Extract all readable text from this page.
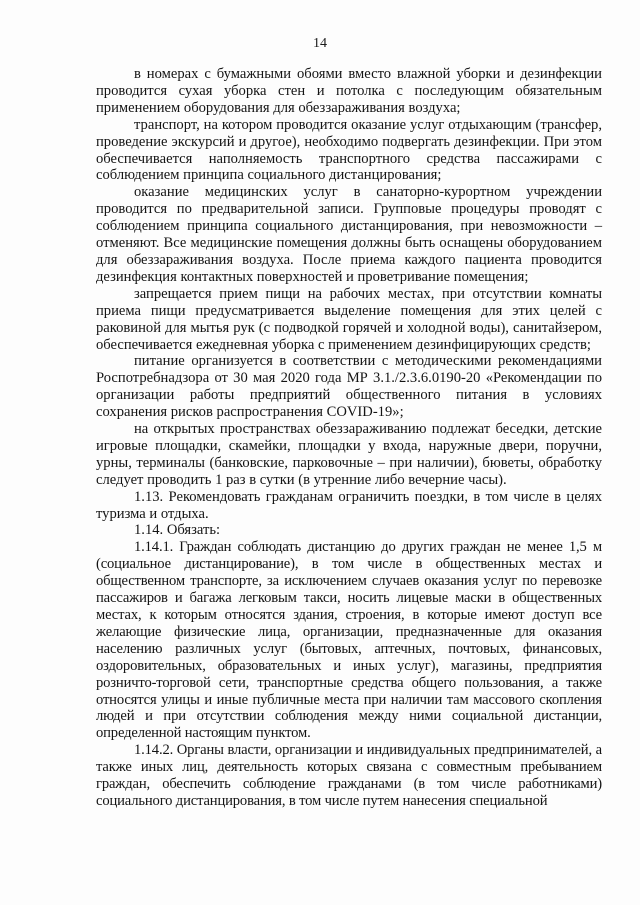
14

в номерах с бумажными обоями вместо влажной уборки и дезинфекции проводится сухая уборка стен и потолка с последующим обязательным применением оборудования для обеззараживания воздуха;

транспорт, на котором проводится оказание услуг отдыхающим (трансфер, проведение экскурсий и другое), необходимо подвергать дезинфекции. При этом обеспечивается наполняемость транспортного средства пассажирами с соблюдением принципа социального дистанцирования;

оказание медицинских услуг в санаторно-курортном учреждении проводится по предварительной записи. Групповые процедуры проводят с соблюдением принципа социального дистанцирования, при невозможности – отменяют. Все медицинские помещения должны быть оснащены оборудованием для обеззараживания воздуха. После приема каждого пациента проводится дезинфекция контактных поверхностей и проветривание помещения;

запрещается прием пищи на рабочих местах, при отсутствии комнаты приема пищи предусматривается выделение помещения для этих целей с раковиной для мытья рук (с подводкой горячей и холодной воды), санитайзером, обеспечивается ежедневная уборка с применением дезинфицирующих средств;

питание организуется в соответствии с методическими рекомендациями Роспотребнадзора от 30 мая 2020 года МР 3.1./2.3.6.0190-20 «Рекомендации по организации работы предприятий общественного питания в условиях сохранения рисков распространения COVID-19»;

на открытых пространствах обеззараживанию подлежат беседки, детские игровые площадки, скамейки, площадки у входа, наружные двери, поручни, урны, терминалы (банковские, парковочные – при наличии), бюветы, обработку следует проводить 1 раз в сутки (в утренние либо вечерние часы).

1.13. Рекомендовать гражданам ограничить поездки, в том числе в целях туризма и отдыха.

1.14. Обязать:

1.14.1. Граждан соблюдать дистанцию до других граждан не менее 1,5 м (социальное дистанцирование), в том числе в общественных местах и общественном транспорте, за исключением случаев оказания услуг по перевозке пассажиров и багажа легковым такси, носить лицевые маски в общественных местах, к которым относятся здания, строения, в которые имеют доступ все желающие физические лица, организации, предназначенные для оказания населению различных услуг (бытовых, аптечных, почтовых, финансовых, оздоровительных, образовательных и иных услуг), магазины, предприятия розничто-торговой сети, транспортные средства общего пользования, а также относятся улицы и иные публичные места при наличии там массового скопления людей и при отсутствии соблюдения между ними социальной дистанции, определенной настоящим пунктом.

1.14.2. Органы власти, организации и индивидуальных предпринимателей, а также иных лиц, деятельность которых связана с совместным пребыванием граждан, обеспечить соблюдение гражданами (в том числе работниками) социального дистанцирования, в том числе путем нанесения специальной
